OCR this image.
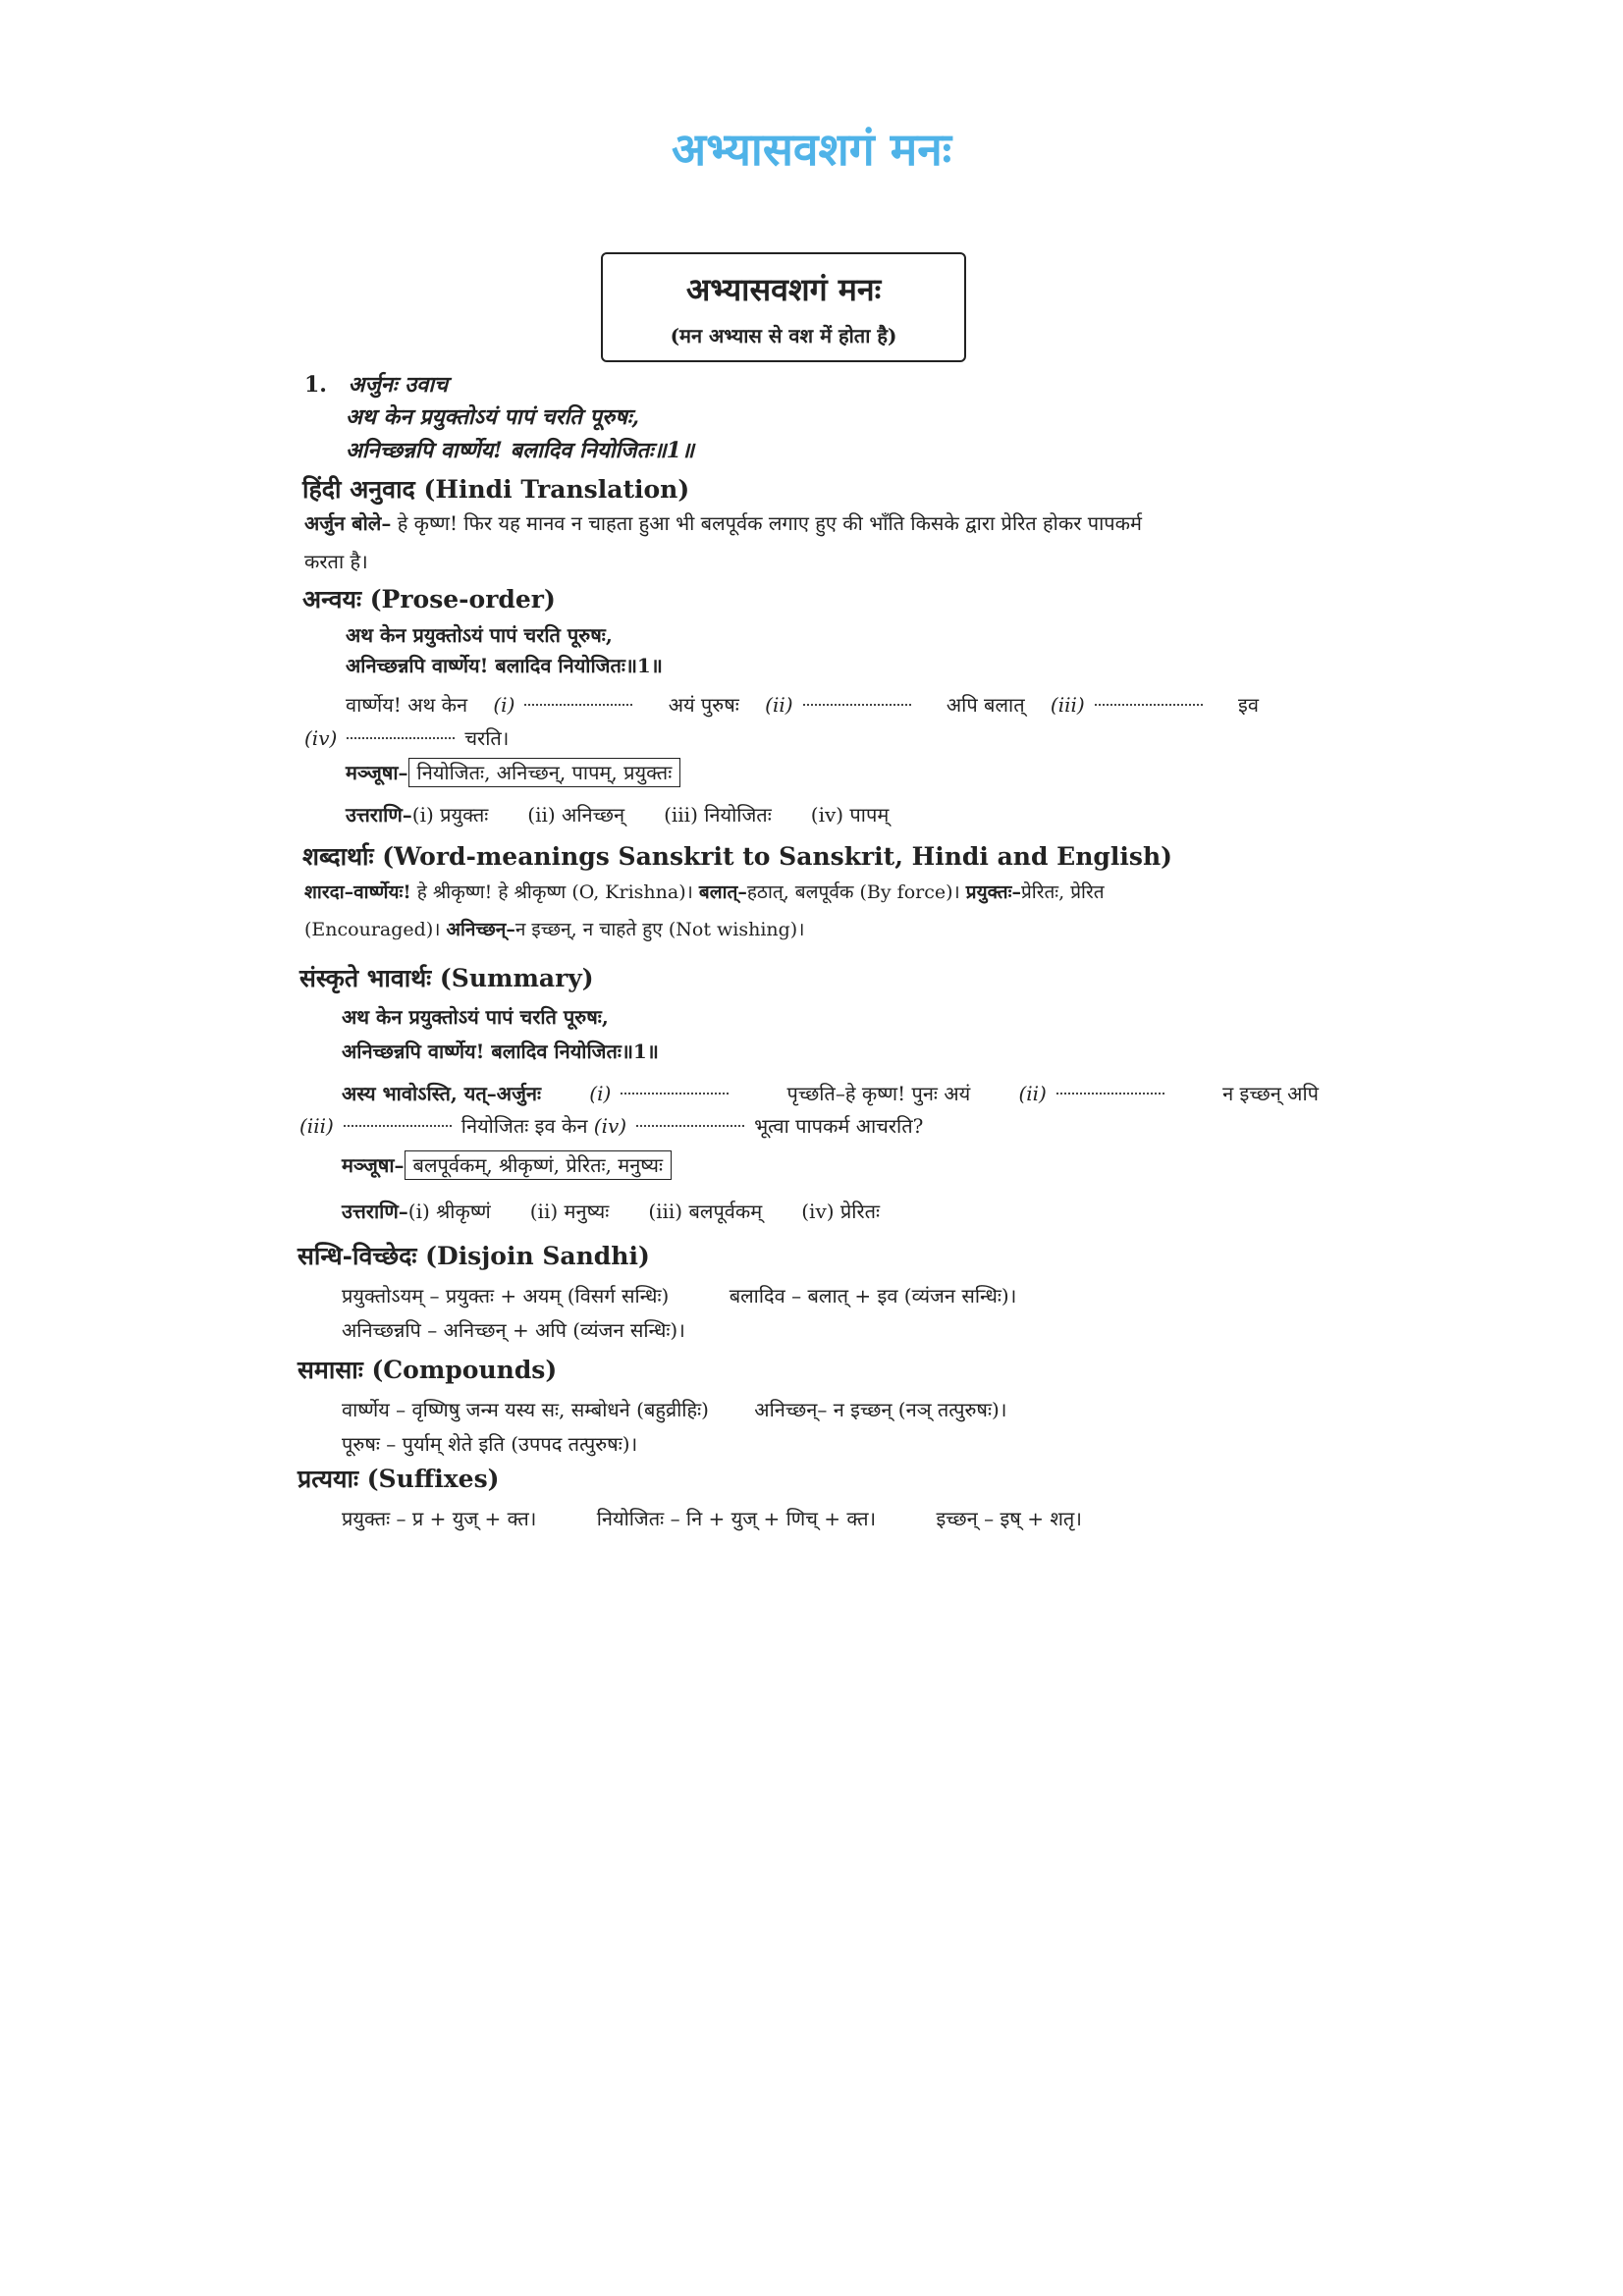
अभ्यासवशगं मनः
अभ्यासवशगं मनः
(मन अभ्यास से वश में होता है)
1. अर्जुनः उवाच
अथ केन प्रयुक्तोऽयं पापं चरति पूरुषः,
अनिच्छन्नपि वार्ष्णेय! बलादिव नियोजितः॥1॥
हिंदी अनुवाद (Hindi Translation)
अर्जुन बोले– हे कृष्ण! फिर यह मानव न चाहता हुआ भी बलपूर्वक लगाए हुए की भाँति किसके द्वारा प्रेरित होकर पापकर्म
करता है।
अन्वयः (Prose-order)
अथ केन प्रयुक्तोऽयं पापं चरति पूरुषः,
अनिच्छन्नपि वार्ष्णेय! बलादिव नियोजितः॥1॥
वार्ष्णेय! अथ केन (i)	अयं पुरुषः (ii)	अपि बलात् (iii)	इव
(iv)	चरति।
मञ्जूषा– नियोजितः, अनिच्छन्, पापम्, प्रयुक्तः
उत्तराणि–(i) प्रयुक्तः (ii) अनिच्छन् (iii) नियोजितः (iv) पापम्
शब्दार्थाः (Word-meanings Sanskrit to Sanskrit, Hindi and English)
शारदा–वार्ष्णेयः! हे श्रीकृष्ण! हे श्रीकृष्ण (O, Krishna)। बलात्–हठात्, बलपूर्वक (By force)। प्रयुक्तः–प्रेरितः, प्रेरित
(Encouraged)। अनिच्छन्–न इच्छन्, न चाहते हुए (Not wishing)।
संस्कृते भावार्थः (Summary)
अथ केन प्रयुक्तोऽयं पापं चरति पूरुषः,
अनिच्छन्नपि वार्ष्णेय! बलादिव नियोजितः॥1॥
अस्य भावोऽस्ति, यत्–अर्जुनः (i)	पृच्छति–हे कृष्ण! पुनः अयं (ii)	न इच्छन् अपि
(iii)	नियोजितः इव केन (iv)	भूत्वा पापकर्म आचरति?
मञ्जूषा– बलपूर्वकम्, श्रीकृष्णं, प्रेरितः, मनुष्यः
उत्तराणि–(i) श्रीकृष्णं (ii) मनुष्यः (iii) बलपूर्वकम् (iv) प्रेरितः
सन्धि-विच्छेदः (Disjoin Sandhi)
प्रयुक्तोऽयम् – प्रयुक्तः + अयम् (विसर्ग सन्धिः)	बलादिव – बलात् + इव (व्यंजन सन्धिः)।
अनिच्छन्नपि – अनिच्छन् + अपि (व्यंजन सन्धिः)।
समासाः (Compounds)
वार्ष्णेय – वृष्णिषु जन्म यस्य सः, सम्बोधने (बहुव्रीहिः) अनिच्छन्– न इच्छन् (नञ् तत्पुरुषः)।
पूरुषः – पुर्याम् शेते इति (उपपद तत्पुरुषः)।
प्रत्ययाः (Suffixes)
प्रयुक्तः – प्र + युज् + क्त।	नियोजितः – नि + युज् + णिच् + क्त।	इच्छन् – इष् + शतृ।
